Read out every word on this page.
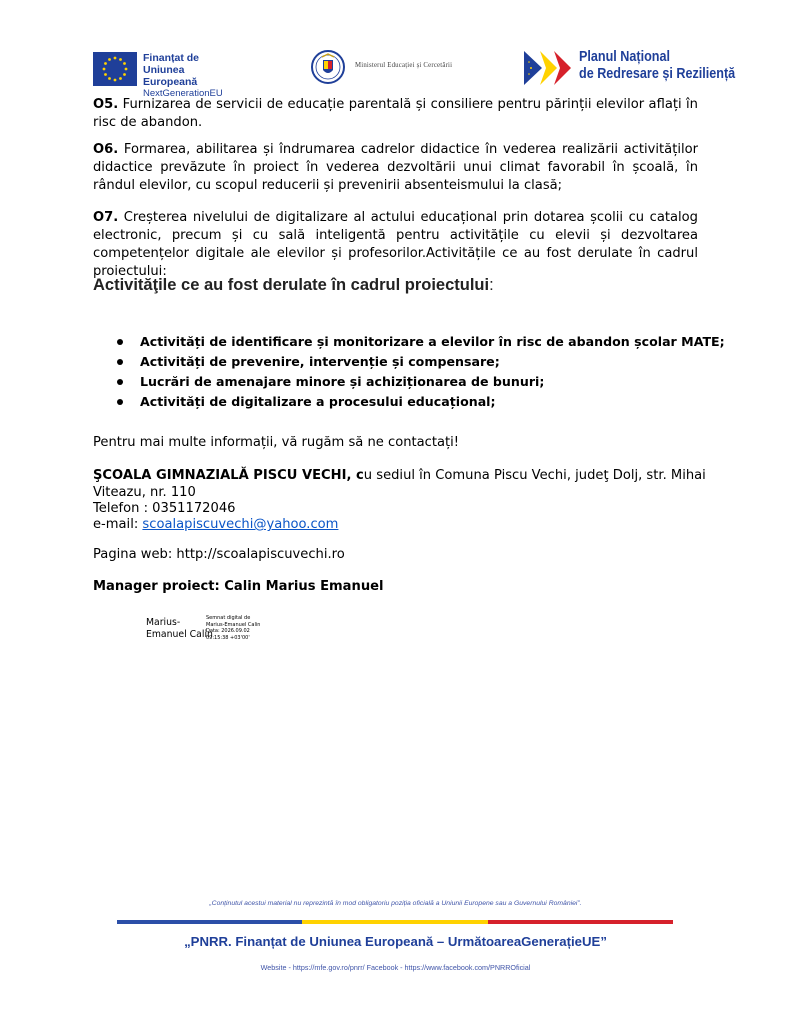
Finanțat de
Uniunea Europeană
NextGenerationEU
Ministerul Educației și Cercetării
Planul Național
de Redresare și Reziliență
O5. Furnizarea de servicii de educație parentală și consiliere pentru părinții elevilor aflați în risc de abandon.
O6. Formarea, abilitarea și îndrumarea cadrelor didactice în vederea realizării activităților didactice prevăzute în proiect în vederea dezvoltării unui climat favorabil în școală, în rândul elevilor, cu scopul reducerii și prevenirii absenteismului la clasă;
O7. Creșterea nivelului de digitalizare al actului educațional prin dotarea școlii cu catalog electronic, precum și cu sală inteligentă pentru activitățile cu elevii și dezvoltarea competențelor digitale ale elevilor și profesorilor.Activitățile ce au fost derulate în cadrul proiectului:
Activităţile ce au fost derulate în cadrul proiectului:
Activități de identificare și monitorizare a elevilor în risc de abandon școlar MATE;
Activități de prevenire, intervenție și compensare;
Lucrări de amenajare minore și achiziționarea de bunuri;
Activități de digitalizare a procesului educațional;
Pentru mai multe informații, vă rugăm să ne contactați!
ŞCOALA GIMNAZIALĂ PISCU VECHI, cu sediul în Comuna Piscu Vechi, judeţ Dolj, str. Mihai
Viteazu, nr. 110
Telefon : 0351172046
e-mail: scoalapiscuvechi@yahoo.com
Pagina web: http://scoalapiscuvechi.ro
Manager proiect: Calin Marius Emanuel
Marius-
Emanuel Calin
Semnat digital de
Marius-Emanuel Calin
Data: 2026.09.02
09:15:38 +03'00'
„Conținutul acestui material nu reprezintă în mod obligatoriu poziția oficială a Uniunii Europene sau a Guvernului României”.
„PNRR. Finanțat de Uniunea Europeană – UrmătoareaGenerațieUE”
Website - https://mfe.gov.ro/pnrr/ Facebook - https://www.facebook.com/PNRROficial
